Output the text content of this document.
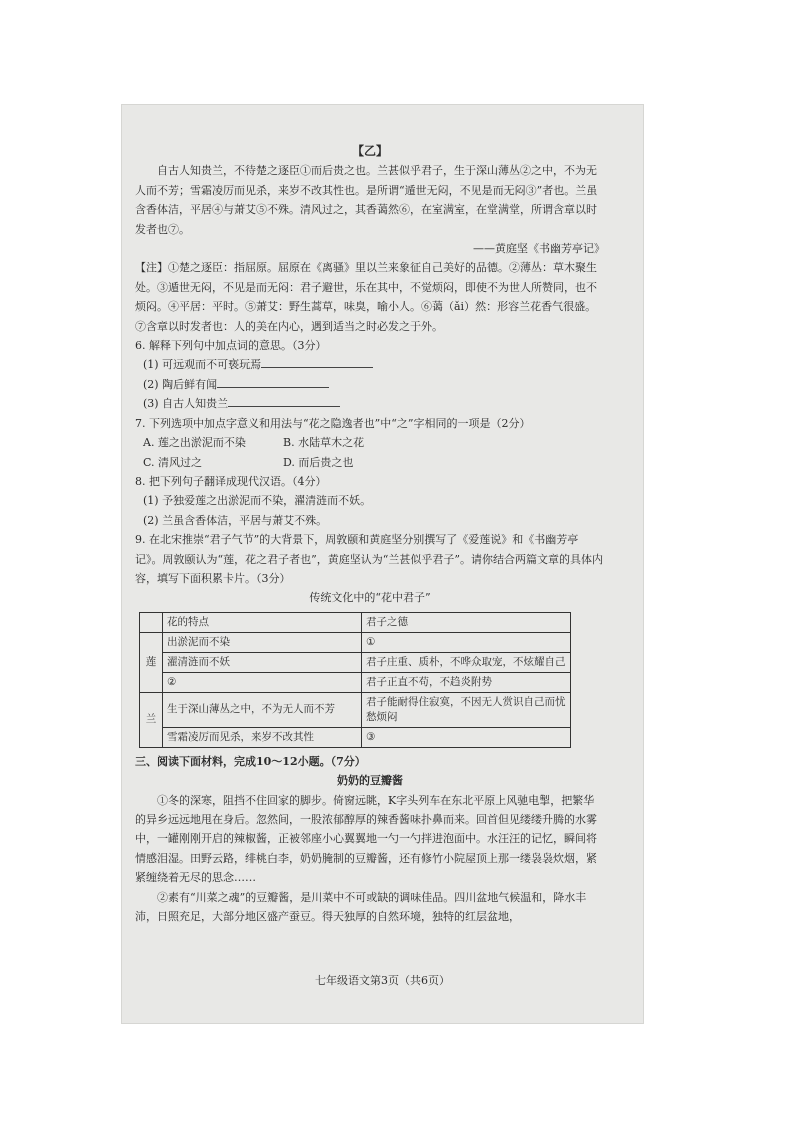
【乙】

自古人知贵兰，不待楚之逐臣①而后贵之也。兰甚似乎君子，生于深山薄丛②之中，不为无人而不芳；雪霜凌厉而见杀，来岁不改其性也。是所谓“遁世无闷，不见是而无闷③”者也。兰虽含香体洁，平居④与萧艾⑤不殊。清风过之，其香蔼然⑥，在室满室，在堂满堂，所谓含章以时发者也⑦。

——黄庭坚《书幽芳亭记》

【注】①楚之逐臣：指屈原。屈原在《离骚》里以兰来象征自己美好的品德。②薄丛：草木聚生处。③遁世无闷，不见是而无闷：君子避世，乐在其中，不觉烦闷，即使不为世人所赞同，也不烦闷。④平居：平时。⑤萧艾：野生蒿草，味臭，喻小人。⑥蔼（ǎi）然：形容兰花香气很盛。⑦含章以时发者也：人的美在内心，遇到适当之时必发之于外。

6. 解释下列句中加点词的意思。（3分）

(1) 可远观而不可亵玩焉

(2) 陶后鲜有闻

(3) 自古人知贵兰

7. 下列选项中加点字意义和用法与“花之隐逸者也”中“之”字相同的一项是（2分）

A. 莲之出淤泥而不染	B. 水陆草木之花
C. 清风过之	D. 而后贵之也

8. 把下列句子翻译成现代汉语。（4分）

(1) 予独爱莲之出淤泥而不染，濯清涟而不妖。

(2) 兰虽含香体洁，平居与萧艾不殊。

9. 在北宋推崇“君子气节”的大背景下，周敦颐和黄庭坚分别撰写了《爱莲说》和《书幽芳亭记》。周敦颐认为“莲，花之君子者也”，黄庭坚认为“兰甚似乎君子”。请你结合两篇文章的具体内容，填写下面积累卡片。（3分）

传统文化中的“花中君子”

	花的特点	君子之德
莲	出淤泥而不染	①
	濯清涟而不妖	君子庄重、质朴，不哗众取宠，不炫耀自己
	②	君子正直不苟，不趋炎附势
兰	生于深山薄丛之中，不为无人而不芳	君子能耐得住寂寞，不因无人赏识自己而忧愁烦闷
	雪霜凌厉而见杀，来岁不改其性	③

三、阅读下面材料，完成10～12小题。（7分）

奶奶的豆瓣酱

①冬的深寒，阻挡不住回家的脚步。倚窗远眺，K字头列车在东北平原上风驰电掣，把繁华的异乡远远地甩在身后。忽然间，一股浓郁醇厚的辣香酱味扑鼻而来。回首但见缕缕升腾的水雾中，一罐刚刚开启的辣椒酱，正被邻座小心翼翼地一勺一勺拌进泡面中。水汪汪的记忆，瞬间将情感泪湿。田野云路，绯桃白李，奶奶腌制的豆瓣酱，还有修竹小院屋顶上那一缕袅袅炊烟，紧紧缠绕着无尽的思念……

②素有“川菜之魂”的豆瓣酱，是川菜中不可或缺的调味佳品。四川盆地气候温和，降水丰沛，日照充足，大部分地区盛产蚕豆。得天独厚的自然环境，独特的红层盆地，

七年级语文第3页（共6页）
